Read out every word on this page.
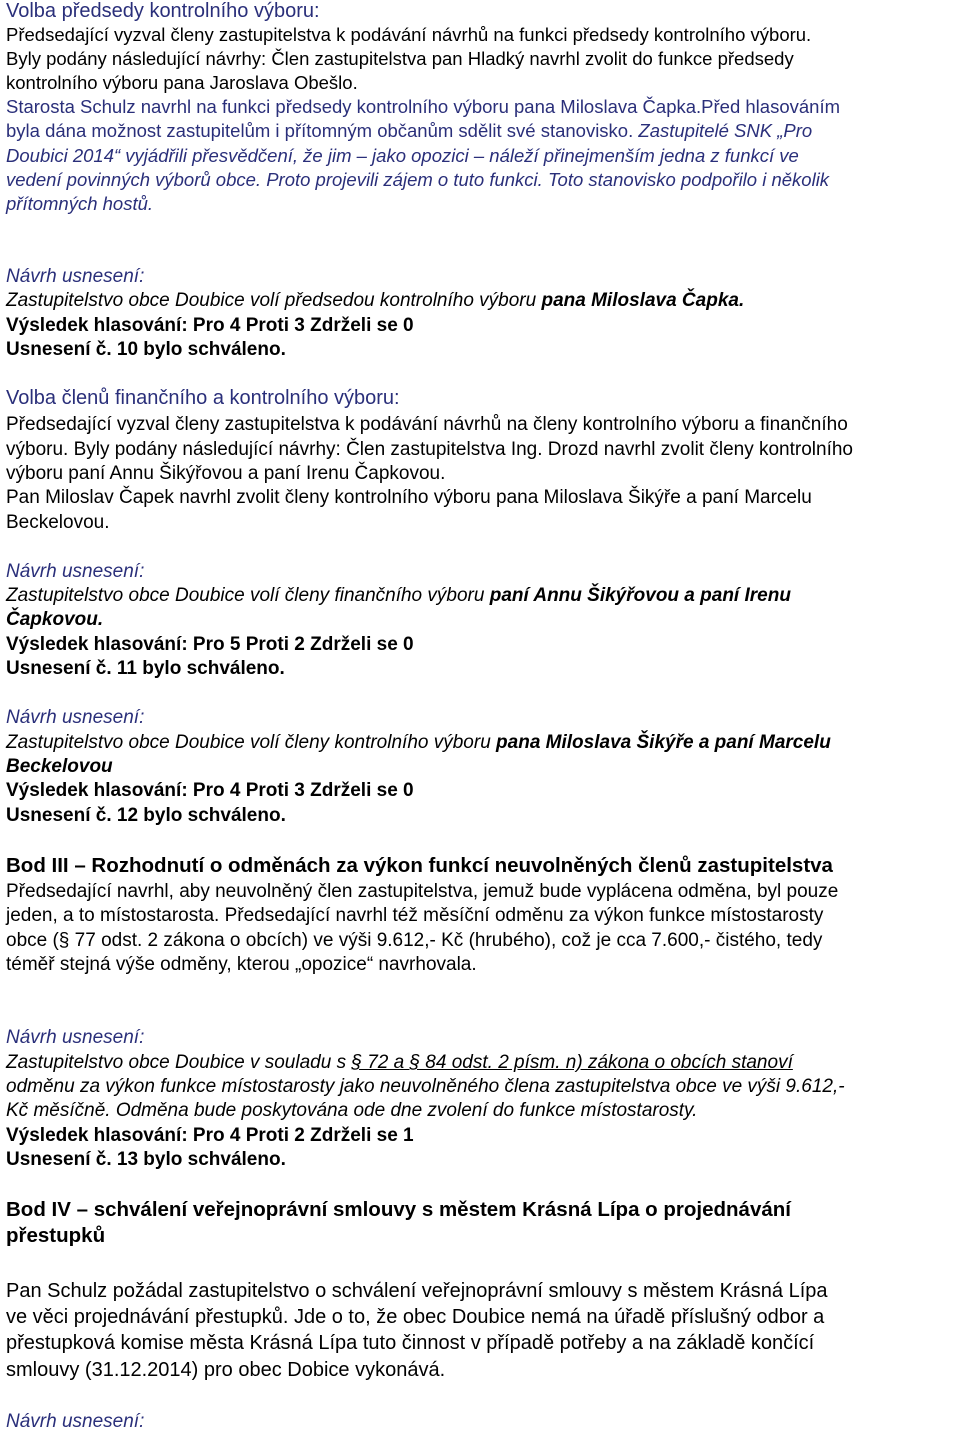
Volba předsedy kontrolního výboru:
Předsedající vyzval členy zastupitelstva k podávání návrhů na funkci předsedy kontrolního výboru.
Byly podány následující návrhy: Člen zastupitelstva pan Hladký navrhl zvolit do funkce předsedy
kontrolního výboru pana Jaroslava Obešlo.
Starosta Schulz navrhl na funkci předsedy kontrolního výboru pana Miloslava Čapka.Před hlasováním
byla dána možnost zastupitelům i přítomným občanům sdělit své stanovisko. Zastupitelé SNK „Pro
Doubici 2014“ vyjádřili přesvědčení, že jim – jako opozici – náleží přinejmenším jedna z funkcí ve
vedení povinných výborů obce. Proto projevili zájem o tuto funkci. Toto stanovisko podpořilo i několik
přítomných hostů.
Návrh usnesení:
Zastupitelstvo obce Doubice volí předsedou kontrolního výboru pana Miloslava Čapka.
Výsledek hlasování: Pro 4 Proti 3 Zdrželi se 0
Usnesení č. 10 bylo schváleno.
Volba členů finančního a kontrolního výboru:
Předsedající vyzval členy zastupitelstva k podávání návrhů na členy kontrolního výboru a finančního
výboru. Byly podány následující návrhy: Člen zastupitelstva Ing. Drozd navrhl zvolit členy kontrolního
výboru paní Annu Šikýřovou a paní Irenu Čapkovou.
Pan Miloslav Čapek navrhl zvolit členy kontrolního výboru pana Miloslava Šikýře a paní Marcelu
Beckelovou.
Návrh usnesení:
Zastupitelstvo obce Doubice volí členy finančního výboru paní Annu Šikýřovou a paní Irenu
Čapkovou.
Výsledek hlasování: Pro 5 Proti 2 Zdrželi se 0
Usnesení č. 11 bylo schváleno.
Návrh usnesení:
Zastupitelstvo obce Doubice volí členy kontrolního výboru pana Miloslava Šikýře a paní Marcelu
Beckelovou
Výsledek hlasování: Pro 4 Proti 3 Zdrželi se 0
Usnesení č. 12 bylo schváleno.
Bod III – Rozhodnutí o odměnách za výkon funkcí neuvolněných členů zastupitelstva
Předsedající navrhl, aby neuvolněný člen zastupitelstva, jemuž bude vyplácena odměna, byl pouze
jeden, a to místostarosta. Předsedající navrhl též měsíční odměnu za výkon funkce místostarosty
obce (§ 77 odst. 2 zákona o obcích) ve výši 9.612,- Kč (hrubého), což je cca 7.600,- čistého, tedy
téměř stejná výše odměny, kterou „opozice“ navrhovala.
Návrh usnesení:
Zastupitelstvo obce Doubice v souladu s § 72 a § 84 odst. 2 písm. n) zákona o obcích stanoví
odměnu za výkon funkce místostarosty jako neuvolněného člena zastupitelstva obce ve výši 9.612,-
Kč měsíčně. Odměna bude poskytována ode dne zvolení do funkce místostarosty.
Výsledek hlasování: Pro 4 Proti 2 Zdrželi se 1
Usnesení č. 13 bylo schváleno.
Bod IV – schválení veřejnoprávní smlouvy s městem Krásná Lípa o projednávání
přestupků
Pan Schulz požádal zastupitelstvo o schválení veřejnoprávní smlouvy s městem Krásná Lípa
ve věci projednávání přestupků. Jde o to, že obec Doubice nemá na úřadě příslušný odbor a
přestupková komise města Krásná Lípa tuto činnost v případě potřeby a na základě končící
smlouvy (31.12.2014) pro obec Dobice vykonává.
Návrh usnesení:
